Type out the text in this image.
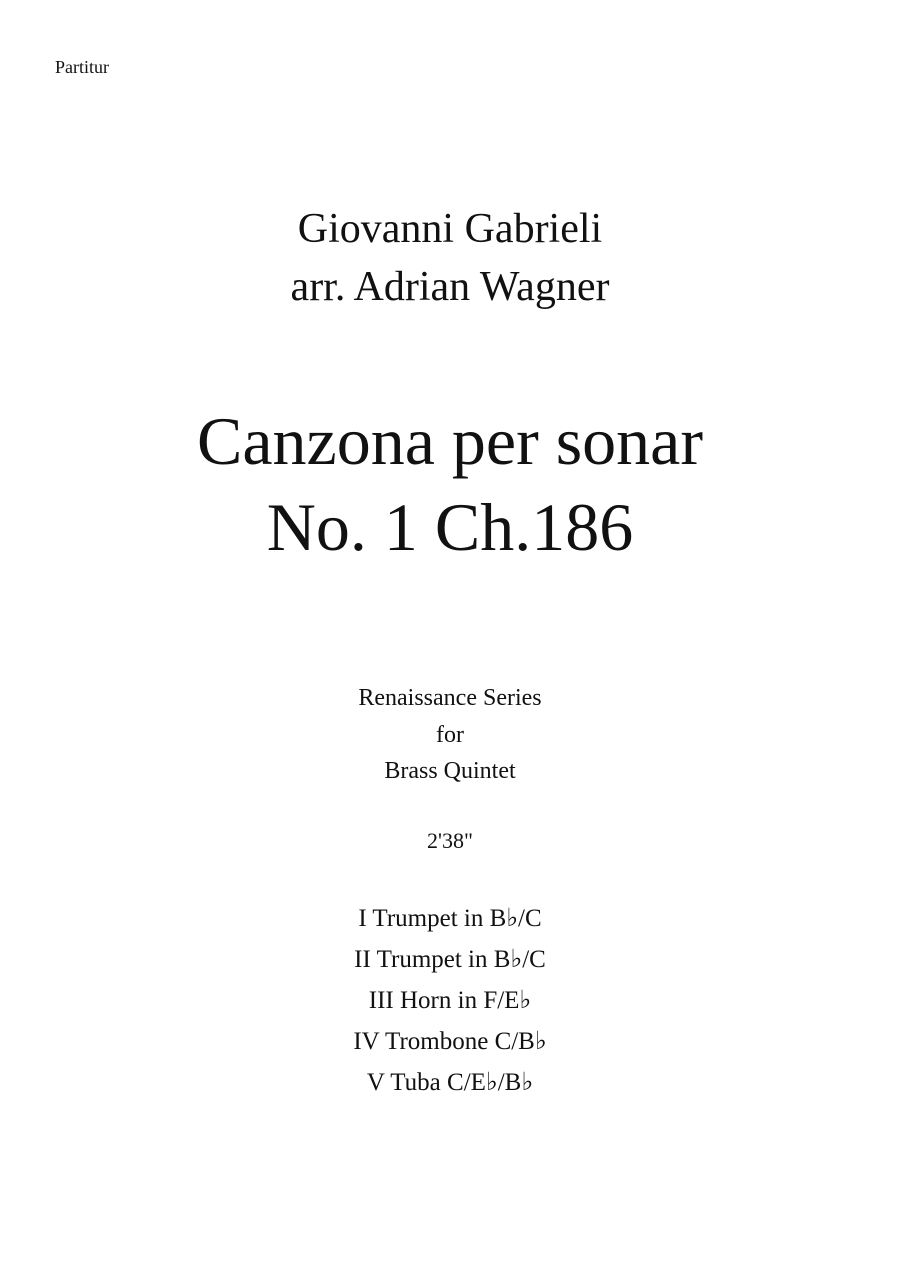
Partitur
Giovanni Gabrieli
arr. Adrian Wagner
Canzona per sonar
No. 1 Ch.186
Renaissance Series
for
Brass Quintet
2'38"
I Trumpet in B♭/C
II Trumpet in B♭/C
III Horn in F/E♭
IV Trombone C/B♭
V Tuba C/E♭/B♭
